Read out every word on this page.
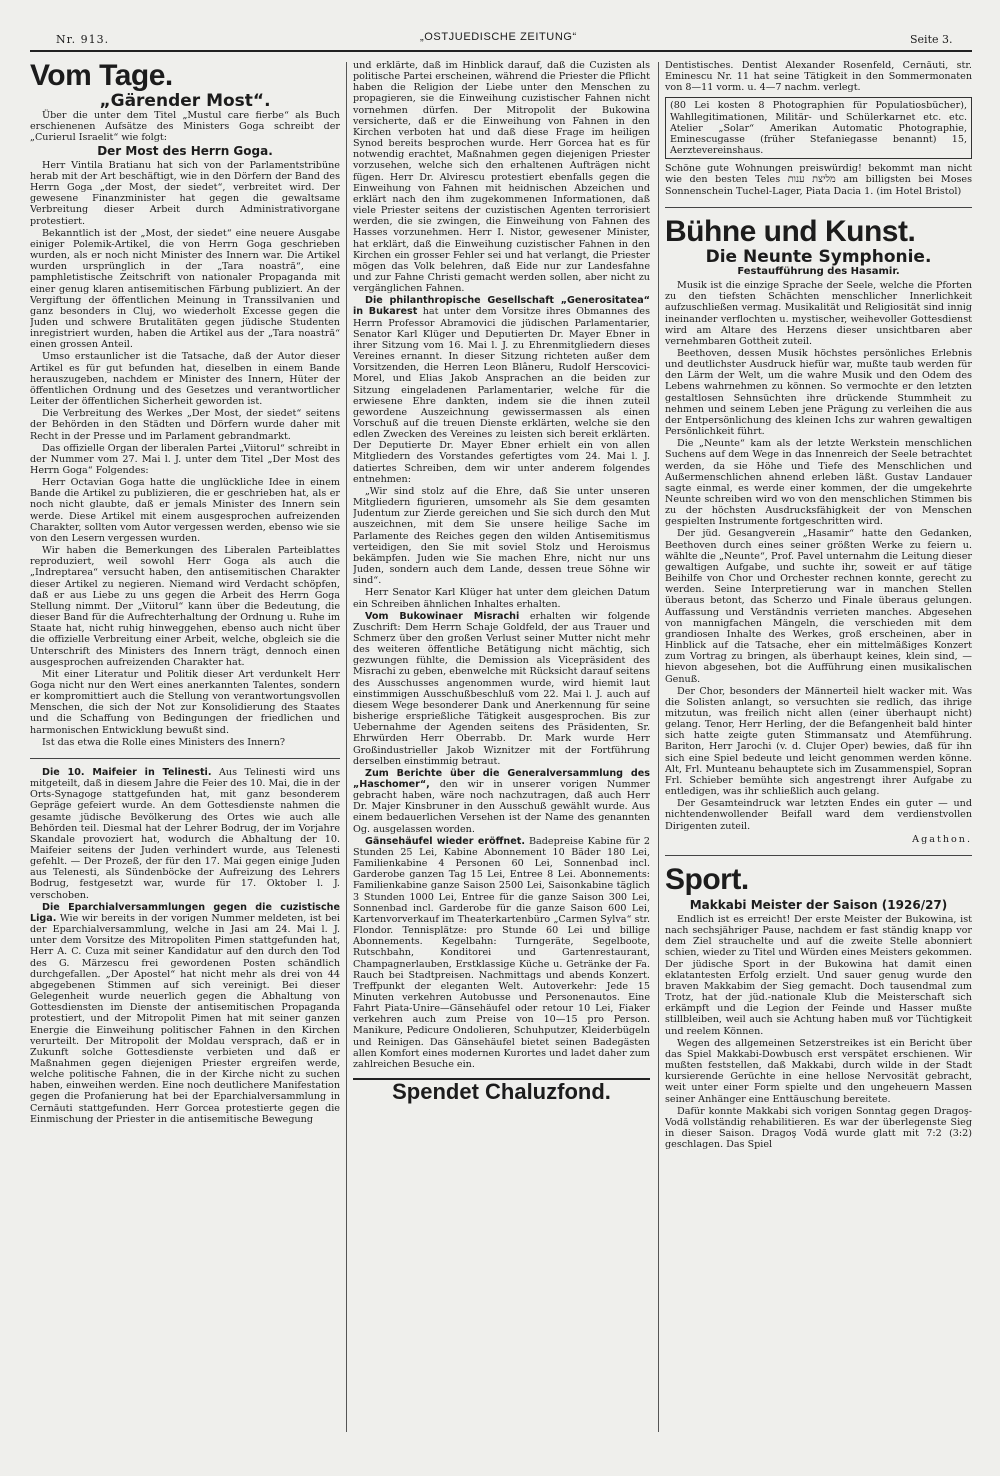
Nr. 913.	„OSTJUEDISCHE ZEITUNG“	Seite 3.
Vom Tage.
„Gärender Most“.

Über die unter dem Titel „Mustul care fierbe“ als Buch erschienenen Aufsätze des Ministers Goga schreibt der „Curierul Israelit“ wie folgt:

Der Most des Herrn Goga.

Herr Vintila Bratianu hat sich von der Parlamentstribüne herab mit der Art beschäftigt, wie in den Dörfern der Band des Herrn Goga „der Most, der siedet“, verbreitet wird. Der gewesene Finanzminister hat gegen die gewaltsame Verbreitung dieser Arbeit durch Administrativorgane protestiert.

Bekanntlich ist der „Most, der siedet“ eine neuere Ausgabe einiger Polemik-Artikel, die von Herrn Goga geschrieben wurden, als er noch nicht Minister des Innern war. Die Artikel wurden ursprünglich in der „Tara noastră“, eine pamphletistische Zeitschrift von nationaler Propaganda mit einer genug klaren antisemitischen Färbung publiziert. An der Vergiftung der öffentlichen Meinung in Transsilvanien und ganz besonders in Cluj, wo wiederholt Excesse gegen die Juden und schwere Brutalitäten gegen jüdische Studenten inregistriert wurden, haben die Artikel aus der „Tara noastră“ einen grossen Anteil.

Umso erstaunlicher ist die Tatsache, daß der Autor dieser Artikel es für gut befunden hat, dieselben in einem Bande herauszugeben, nachdem er Minister des Innern, Hüter der öffentlichen Ordnung und des Gesetzes und verantwortlicher Leiter der öffentlichen Sicherheit geworden ist.

Die Verbreitung des Werkes „Der Most, der siedet“ seitens der Behörden in den Städten und Dörfern wurde daher mit Recht in der Presse und im Parlament gebrandmarkt.

Das offizielle Organ der liberalen Partei „Viitorul“ schreibt in der Nummer vom 27. Mai l. J. unter dem Titel „Der Most des Herrn Goga“ Folgendes:

Herr Octavian Goga hatte die unglückliche Idee in einem Bande die Artikel zu publizieren, die er geschrieben hat, als er noch nicht glaubte, daß er jemals Minister des Innern sein werde. Diese Artikel mit einem ausgesprochen aufreizenden Charakter, sollten vom Autor vergessen werden, ebenso wie sie von den Lesern vergessen wurden.

Wir haben die Bemerkungen des Liberalen Parteiblattes reproduziert, weil sowohl Herr Goga als auch die „Indreptarea“ versucht haben, den antisemitischen Charakter dieser Artikel zu negieren. Niemand wird Verdacht schöpfen, daß er aus Liebe zu uns gegen die Arbeit des Herrn Goga Stellung nimmt. Der „Viitorul“ kann über die Bedeutung, die dieser Band für die Aufrechterhaltung der Ordnung u. Ruhe im Staate hat, nicht ruhig hinweggehen, ebenso auch nicht über die offizielle Verbreitung einer Arbeit, welche, obgleich sie die Unterschrift des Ministers des Innern trägt, dennoch einen ausgesprochen aufreizenden Charakter hat.

Mit einer Literatur und Politik dieser Art verdunkelt Herr Goga nicht nur den Wert eines anerkannten Talentes, sondern er kompromittiert auch die Stellung von verantwortungsvollen Menschen, die sich der Not zur Konsolidierung des Staates und die Schaffung von Bedingungen der friedlichen und harmonischen Entwicklung bewußt sind.

Ist das etwa die Rolle eines Ministers des Innern?

Die 10. Maifeier in Telinesti. Aus Telinesti wird uns mitgeteilt, daß in diesem Jahre die Feier des 10. Mai, die in der Orts-Synagoge stattgefunden hat, mit ganz besonderem Gepräge gefeiert wurde. An dem Gottesdienste nahmen die gesamte jüdische Bevölkerung des Ortes wie auch alle Behörden teil. Diesmal hat der Lehrer Bodrug, der im Vorjahre Skandale provoziert hat, wodurch die Abhaltung der 10. Maifeier seitens der Juden verhindert wurde, aus Telenesti gefehlt. — Der Prozeß, der für den 17. Mai gegen einige Juden aus Telenesti, als Sündenböcke der Aufreizung des Lehrers Bodrug, festgesetzt war, wurde für 17. Oktober l. J. verschoben.

Die Eparchialversammlungen gegen die cuzistische Liga. Wie wir bereits in der vorigen Nummer meldeten, ist bei der Eparchialversammlung, welche in Jasi am 24. Mai l. J. unter dem Vorsitze des Mitropoliten Pimen stattgefunden hat, Herr A. C. Cuza mit seiner Kandidatur auf den durch den Tod des G. Märzescu frei gewordenen Posten schändlich durchgefallen. „Der Apostel“ hat nicht mehr als drei von 44 abgegebenen Stimmen auf sich vereinigt. Bei dieser Gelegenheit wurde neuerlich gegen die Abhaltung von Gottesdiensten im Dienste der antisemitischen Propaganda protestiert, und der Mitropolit Pimen hat mit seiner ganzen Energie die Einweihung politischer Fahnen in den Kirchen verurteilt. Der Mitropolit der Moldau versprach, daß er in Zukunft solche Gottesdienste verbieten und daß er Maßnahmen gegen diejenigen Priester ergreifen werde, welche politische Fahnen, die in der Kirche nicht zu suchen haben, einweihen werden. Eine noch deutlichere Manifestation gegen die Profanierung hat bei der Eparchialversammlung in Cernăuti stattgefunden. Herr Gorcea protestierte gegen die Einmischung der Priester in die antisemitische Bewegung

und erklärte, daß im Hinblick darauf, daß die Cuzisten als politische Partei erscheinen, während die Priester die Pflicht haben die Religion der Liebe unter den Menschen zu propagieren, sie die Einweihung cuzistischer Fahnen nicht vornehmen dürfen. Der Mitropolit der Bukowina versicherte, daß er die Einweihung von Fahnen in den Kirchen verboten hat und daß diese Frage im heiligen Synod bereits besprochen wurde. Herr Gorcea hat es für notwendig erachtet, Maßnahmen gegen diejenigen Priester vorzusehen, welche sich den erhaltenen Aufträgen nicht fügen. Herr Dr. Alvirescu protestiert ebenfalls gegen die Einweihung von Fahnen mit heidnischen Abzeichen und erklärt nach den ihm zugekommenen Informationen, daß viele Priester seitens der cuzistischen Agenten terrorisiert werden, die sie zwingen, die Einweihung von Fahnen des Hasses vorzunehmen. Herr I. Nistor, gewesener Minister, hat erklärt, daß die Einweihung cuzistischer Fahnen in den Kirchen ein grosser Fehler sei und hat verlangt, die Priester mögen das Volk belehren, daß Eide nur zur Landesfahne und zur Fahne Christi gemacht werden sollen, aber nicht zu vergänglichen Fahnen.

Die philanthropische Gesellschaft „Generositatea“ in Bukarest hat unter dem Vorsitze ihres Obmannes des Herrn Professor Abramovici die jüdischen Parlamentarier, Senator Karl Klüger und Deputierten Dr. Mayer Ebner in ihrer Sitzung vom 16. Mai l. J. zu Ehrenmitgliedern dieses Vereines ernannt. In dieser Sitzung richteten außer dem Vorsitzenden, die Herren Leon Blâneru, Rudolf Herscovici-Morel, und Elias Jakob Ansprachen an die beiden zur Sitzung eingeladenen Parlamentarier, welche für die erwiesene Ehre dankten, indem sie die ihnen zuteil gewordene Auszeichnung gewissermassen als einen Vorschuß auf die treuen Dienste erklärten, welche sie den edlen Zwecken des Vereines zu leisten sich bereit erklärten. Der Deputierte Dr. Mayer Ebner erhielt ein von allen Mitgliedern des Vorstandes gefertigtes vom 24. Mai l. J. datiertes Schreiben, dem wir unter anderem folgendes entnehmen:

„Wir sind stolz auf die Ehre, daß Sie unter unseren Mitgliedern figurieren, umsomehr als Sie dem gesamten Judentum zur Zierde gereichen und Sie sich durch den Mut auszeichnen, mit dem Sie unsere heilige Sache im Parlamente des Reiches gegen den wilden Antisemitismus verteidigen, den Sie mit soviel Stolz und Heroismus bekämpfen. Juden wie Sie machen Ehre, nicht nur uns Juden, sondern auch dem Lande, dessen treue Söhne wir sind“.

Herr Senator Karl Klüger hat unter dem gleichen Datum ein Schreiben ähnlichen Inhaltes erhalten.

Vom Bukowinaer Misrachi erhalten wir folgende Zuschrift: Dem Herrn Schaje Goldfeld, der aus Trauer und Schmerz über den großen Verlust seiner Mutter nicht mehr des weiteren öffentliche Betätigung nicht mächtig, sich gezwungen fühlte, die Demission als Vicepräsident des Misrachi zu geben, ebenwelche mit Rücksicht darauf seitens des Ausschusses angenommen wurde, wird hiemit laut einstimmigen Ausschußbeschluß vom 22. Mai l. J. auch auf diesem Wege besonderer Dank und Anerkennung für seine bisherige ersprießliche Tätigkeit ausgesprochen. Bis zur Uebernahme der Agenden seitens des Präsidenten, Sr. Ehrwürden Herr Oberrabb. Dr. Mark wurde Herr Großindustrieller Jakob Wiznitzer mit der Fortführung derselben einstimmig betraut.

Zum Berichte über die Generalversammlung des „Haschomer“, den wir in unserer vorigen Nummer gebracht haben, wäre noch nachzutragen, daß auch Herr Dr. Majer Kinsbruner in den Ausschuß gewählt wurde. Aus einem bedauerlichen Versehen ist der Name des genannten Og. ausgelassen worden.

Gänsehäufel wieder eröffnet. Badepreise Kabine für 2 Stunden 25 Lei, Kabine Abonnement 10 Bäder 180 Lei, Familienkabine 4 Personen 60 Lei, Sonnenbad incl. Garderobe ganzen Tag 15 Lei, Entree 8 Lei. Abonnements: Familienkabine ganze Saison 2500 Lei, Saisonkabine täglich 3 Stunden 1000 Lei, Entree für die ganze Saison 300 Lei, Sonnenbad incl. Garderobe für die ganze Saison 600 Lei, Kartenvorverkauf im Theaterkartenbüro „Carmen Sylva“ str. Flondor. Tennisplätze: pro Stunde 60 Lei und billige Abonnements. Kegelbahn: Turngeräte, Segelboote, Rutschbahn, Konditorei und Gartenrestaurant, Champagnerlauben, Erstklassige Küche u. Getränke der Fa. Rauch bei Stadtpreisen. Nachmittags und abends Konzert. Treffpunkt der eleganten Welt. Autoverkehr: Jede 15 Minuten verkehren Autobusse und Personenautos. Eine Fahrt Piata-Unire—Gänsehäufel oder retour 10 Lei, Fiaker verkehren auch zum Preise von 10—15 pro Person. Manikure, Pedicure Ondolieren, Schuhputzer, Kleiderbügeln und Reinigen. Das Gänsehäufel bietet seinen Badegästen allen Komfort eines modernen Kurortes und ladet daher zum zahlreichen Besuche ein.

Spendet Chaluzfond.

Dentistisches. Dentist Alexander Rosenfeld, Cernăuti, str. Eminescu Nr. 11 hat seine Tätigkeit in den Sommermonaten von 8—11 vorm. u. 4—7 nachm. verlegt.

(80 Lei kosten 8 Photographien für Populatiosbücher), Wahllegitimationen, Militär- und Schülerkarnet etc. etc. Atelier „Solar“ Amerikan Automatic Photographie, Eminescugasse (früher Stefaniegasse benannt) 15, Aerztevereinshaus.

Schöne gute Wohnungen preiswürdig! bekommt man nicht wie den besten Teles מליצת ענות am billigsten bei Moses Sonnenschein Tuchel-Lager, Piata Dacia 1. (im Hotel Bristol)

Bühne und Kunst.
Die Neunte Symphonie.
Festaufführung des Hasamir.

Musik ist die einzige Sprache der Seele, welche die Pforten zu den tiefsten Schächten menschlicher Innerlichkeit aufzuschließen vermag. Musikalität und Religiosität sind innig ineinander verflochten u. mystischer, weihevoller Gottesdienst wird am Altare des Herzens dieser unsichtbaren aber vernehmbaren Gottheit zuteil.

Beethoven, dessen Musik höchstes persönliches Erlebnis und deutlichster Ausdruck hiefür war, mußte taub werden für den Lärm der Welt, um die wahre Musik und den Odem des Lebens wahrnehmen zu können. So vermochte er den letzten gestaltlosen Sehnsüchten ihre drückende Stummheit zu nehmen und seinem Leben jene Prägung zu verleihen die aus der Entpersönlichung des kleinen Ichs zur wahren gewaltigen Persönlichkeit führt.

Die „Neunte“ kam als der letzte Werkstein menschlichen Suchens auf dem Wege in das Innenreich der Seele betrachtet werden, da sie Höhe und Tiefe des Menschlichen und Außermenschlichen ahnend erleben läßt. Gustav Landauer sagte einmal, es werde einer kommen, der die umgekehrte Neunte schreiben wird wo von den menschlichen Stimmen bis zu der höchsten Ausdrucksfähigkeit der von Menschen gespielten Instrumente fortgeschritten wird.

Der jüd. Gesangverein „Hasamir“ hatte den Gedanken, Beethoven durch eines seiner größten Werke zu feiern u. wählte die „Neunte“, Prof. Pavel unternahm die Leitung dieser gewaltigen Aufgabe, und suchte ihr, soweit er auf tätige Beihilfe von Chor und Orchester rechnen konnte, gerecht zu werden. Seine Interpretierung war in manchen Stellen überaus betont, das Scherzo und Finale überaus gelungen. Auffassung und Verständnis verrieten manches. Abgesehen von mannigfachen Mängeln, die verschieden mit dem grandiosen Inhalte des Werkes, groß erscheinen, aber in Hinblick auf die Tatsache, eher ein mittelmäßiges Konzert zum Vortrag zu bringen, als überhaupt keines, klein sind, — hievon abgesehen, bot die Aufführung einen musikalischen Genuß.

Der Chor, besonders der Männerteil hielt wacker mit. Was die Solisten anlangt, so versuchten sie redlich, das ihrige mitzutun, was freilich nicht allen (einer überhaupt nicht) gelang. Tenor, Herr Herling, der die Befangenheit bald hinter sich hatte zeigte guten Stimmansatz und Atemführung. Bariton, Herr Jarochi (v. d. Clujer Oper) bewies, daß für ihn sich eine Spiel bedeute und leicht genommen werden könne. Alt, Frl. Munteanu behauptete sich im Zusammenspiel, Sopran Frl. Schieber bemühte sich angestrengt ihrer Aufgabe zu entledigen, was ihr schließlich auch gelang.

Der Gesamteindruck war letzten Endes ein guter — und nichtendenwollender Beifall ward dem verdienstvollen Dirigenten zuteil.

Agathon.
Sport.
Makkabi Meister der Saison (1926/27)

Endlich ist es erreicht! Der erste Meister der Bukowina, ist nach sechsjähriger Pause, nachdem er fast ständig knapp vor dem Ziel strauchelte und auf die zweite Stelle abonniert schien, wieder zu Titel und Würden eines Meisters gekommen. Der jüdische Sport in der Bukowina hat damit einen eklatantesten Erfolg erzielt. Und sauer genug wurde den braven Makkabim der Sieg gemacht. Doch tausendmal zum Trotz, hat der jüd.-nationale Klub die Meisterschaft sich erkämpft und die Legion der Feinde und Hasser mußte stillbleiben, weil auch sie Achtung haben muß vor Tüchtigkeit und reelem Können.

Wegen des allgemeinen Setzerstreikes ist ein Bericht über das Spiel Makkabi-Dowbusch erst verspätet erschienen. Wir mußten feststellen, daß Makkabi, durch wilde in der Stadt kursierende Gerüchte in eine hellose Nervosität gebracht, weit unter einer Form spielte und den ungeheuern Massen seiner Anhänger eine Enttäuschung bereitete.

Dafür konnte Makkabi sich vorigen Sonntag gegen Dragoş-Vodă vollständig rehabilitieren. Es war der überlegenste Sieg in dieser Saison. Dragoş Vodă wurde glatt mit 7:2 (3:2) geschlagen. Das Spiel
